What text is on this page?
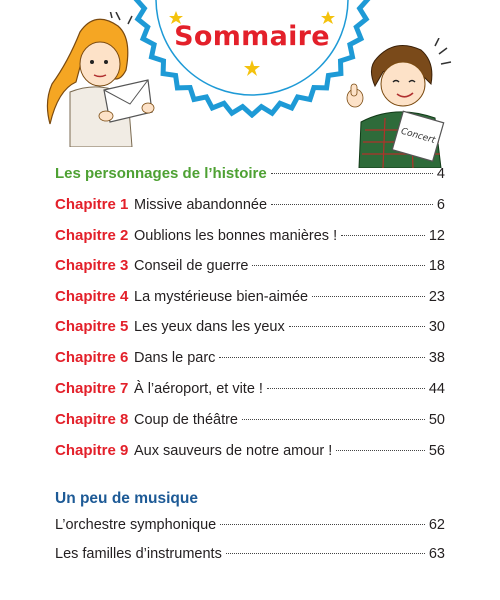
Sommaire
Concert
Les personnages de l’histoire	4
Chapitre 1 Missive abandonnée	6
Chapitre 2 Oublions les bonnes manières !	12
Chapitre 3 Conseil de guerre	18
Chapitre 4 La mystérieuse bien-aimée	23
Chapitre 5 Les yeux dans les yeux	30
Chapitre 6 Dans le parc	38
Chapitre 7 À l’aéroport, et vite !	44
Chapitre 8 Coup de théâtre	50
Chapitre 9 Aux sauveurs de notre amour !	56
Un peu de musique
L’orchestre symphonique	62
Les familles d’instruments	63
